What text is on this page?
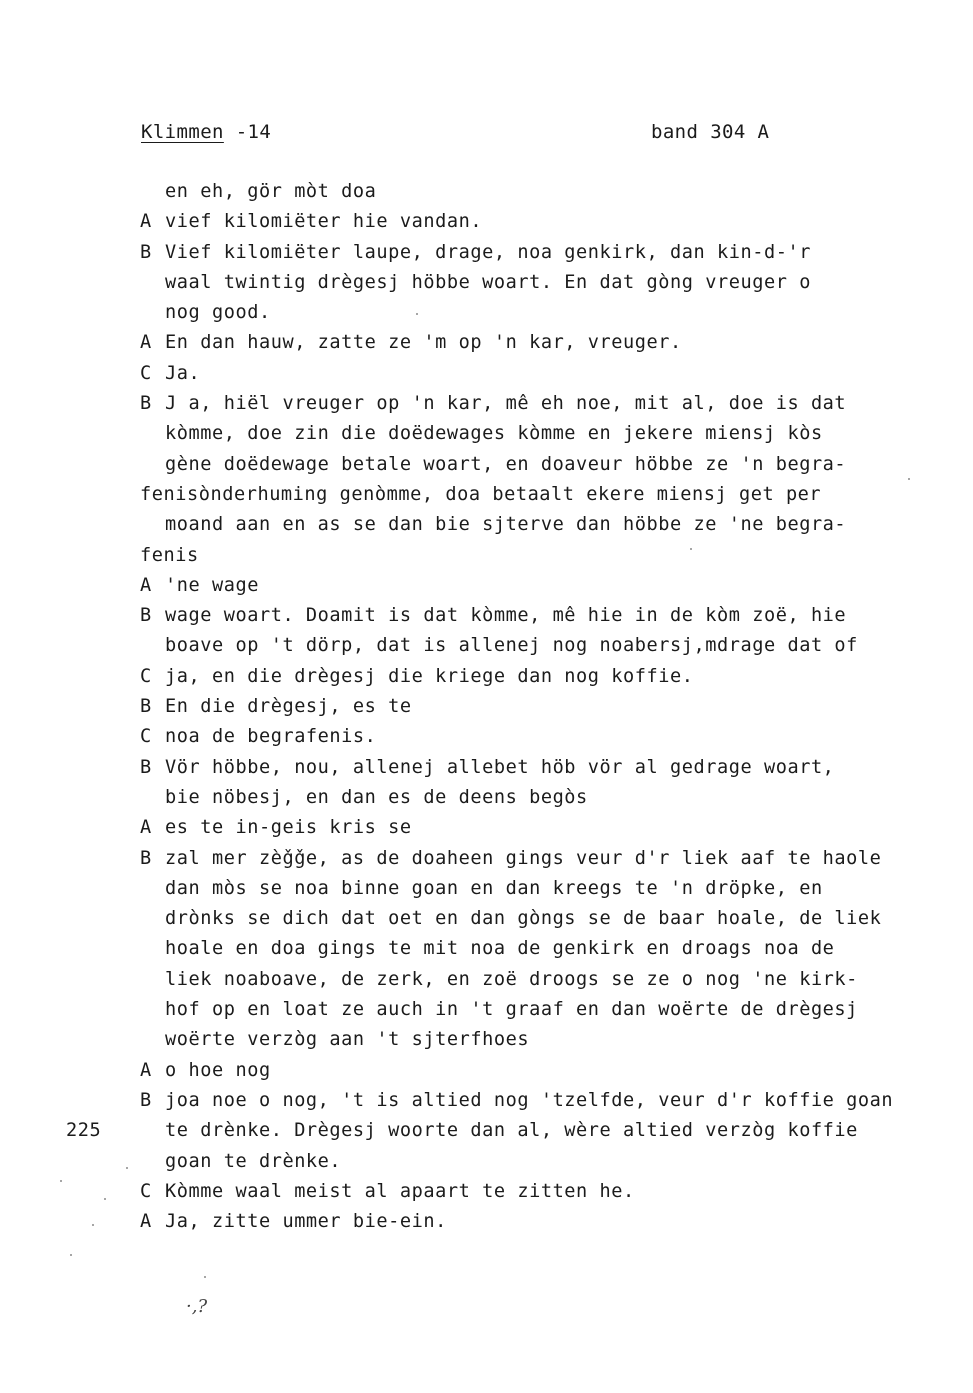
Klimmen -14	band 304 A
en eh, gör mòt doa
A vief kilomiëter hie vandan.
B Vief kilomiëter laupe, drage, noa genkirk, dan kin-d-'r
waal twintig drègesj höbbe woart. En dat gòng vreuger o
nog good.
A En dan hauw, zatte ze 'm op 'n kar, vreuger.
C Ja.
B J a, hiël vreuger op 'n kar, mê eh noe, mit al, doe is dat
kòmme, doe zin die doëdewages kòmme en jekere miensj kòs
gène doëdewage betale woart, en doaveur höbbe ze 'n begra-
fenisònderhuming genòmme, doa betaalt ekere miensj get per
moand aan en as se dan bie sjterve dan höbbe ze 'ne begra-
fenis
A 'ne wage
B wage woart. Doamit is dat kòmme, mê hie in de kòm zoë, hie
boave op 't dörp, dat is allenej nog noabersj,mdrage dat of
C ja, en die drègesj die kriege dan nog koffie.
B En die drègesj, es te
C noa de begrafenis.
B Vör höbbe, nou, allenej allebet höb vör al gedrage woart,
bie nöbesj, en dan es de deens begòs
A es te in-geis kris se
B zal mer zèǧǧe, as de doaheen gings veur d'r liek aaf te haole
dan mòs se noa binne goan en dan kreegs te 'n dröpke, en
drònks se dich dat oet en dan gòngs se de baar hoale, de liek
hoale en doa gings te mit noa de genkirk en droags noa de
liek noaboave, de zerk, en zoë droogs se ze o nog 'ne kirk-
hof op en loat ze auch in 't graaf en dan woërte de drègesj
woërte verzòg aan 't sjterfhoes
A o hoe nog
B joa noe o nog, 't is altied nog 'tzelfde, veur d'r koffie goan
225	te drènke. Drègesj woorte dan al, wère altied verzòg koffie
goan te drènke.
C Kòmme waal meist al apaart te zitten he.
A Ja, zitte ummer bie-ein.
·,?
